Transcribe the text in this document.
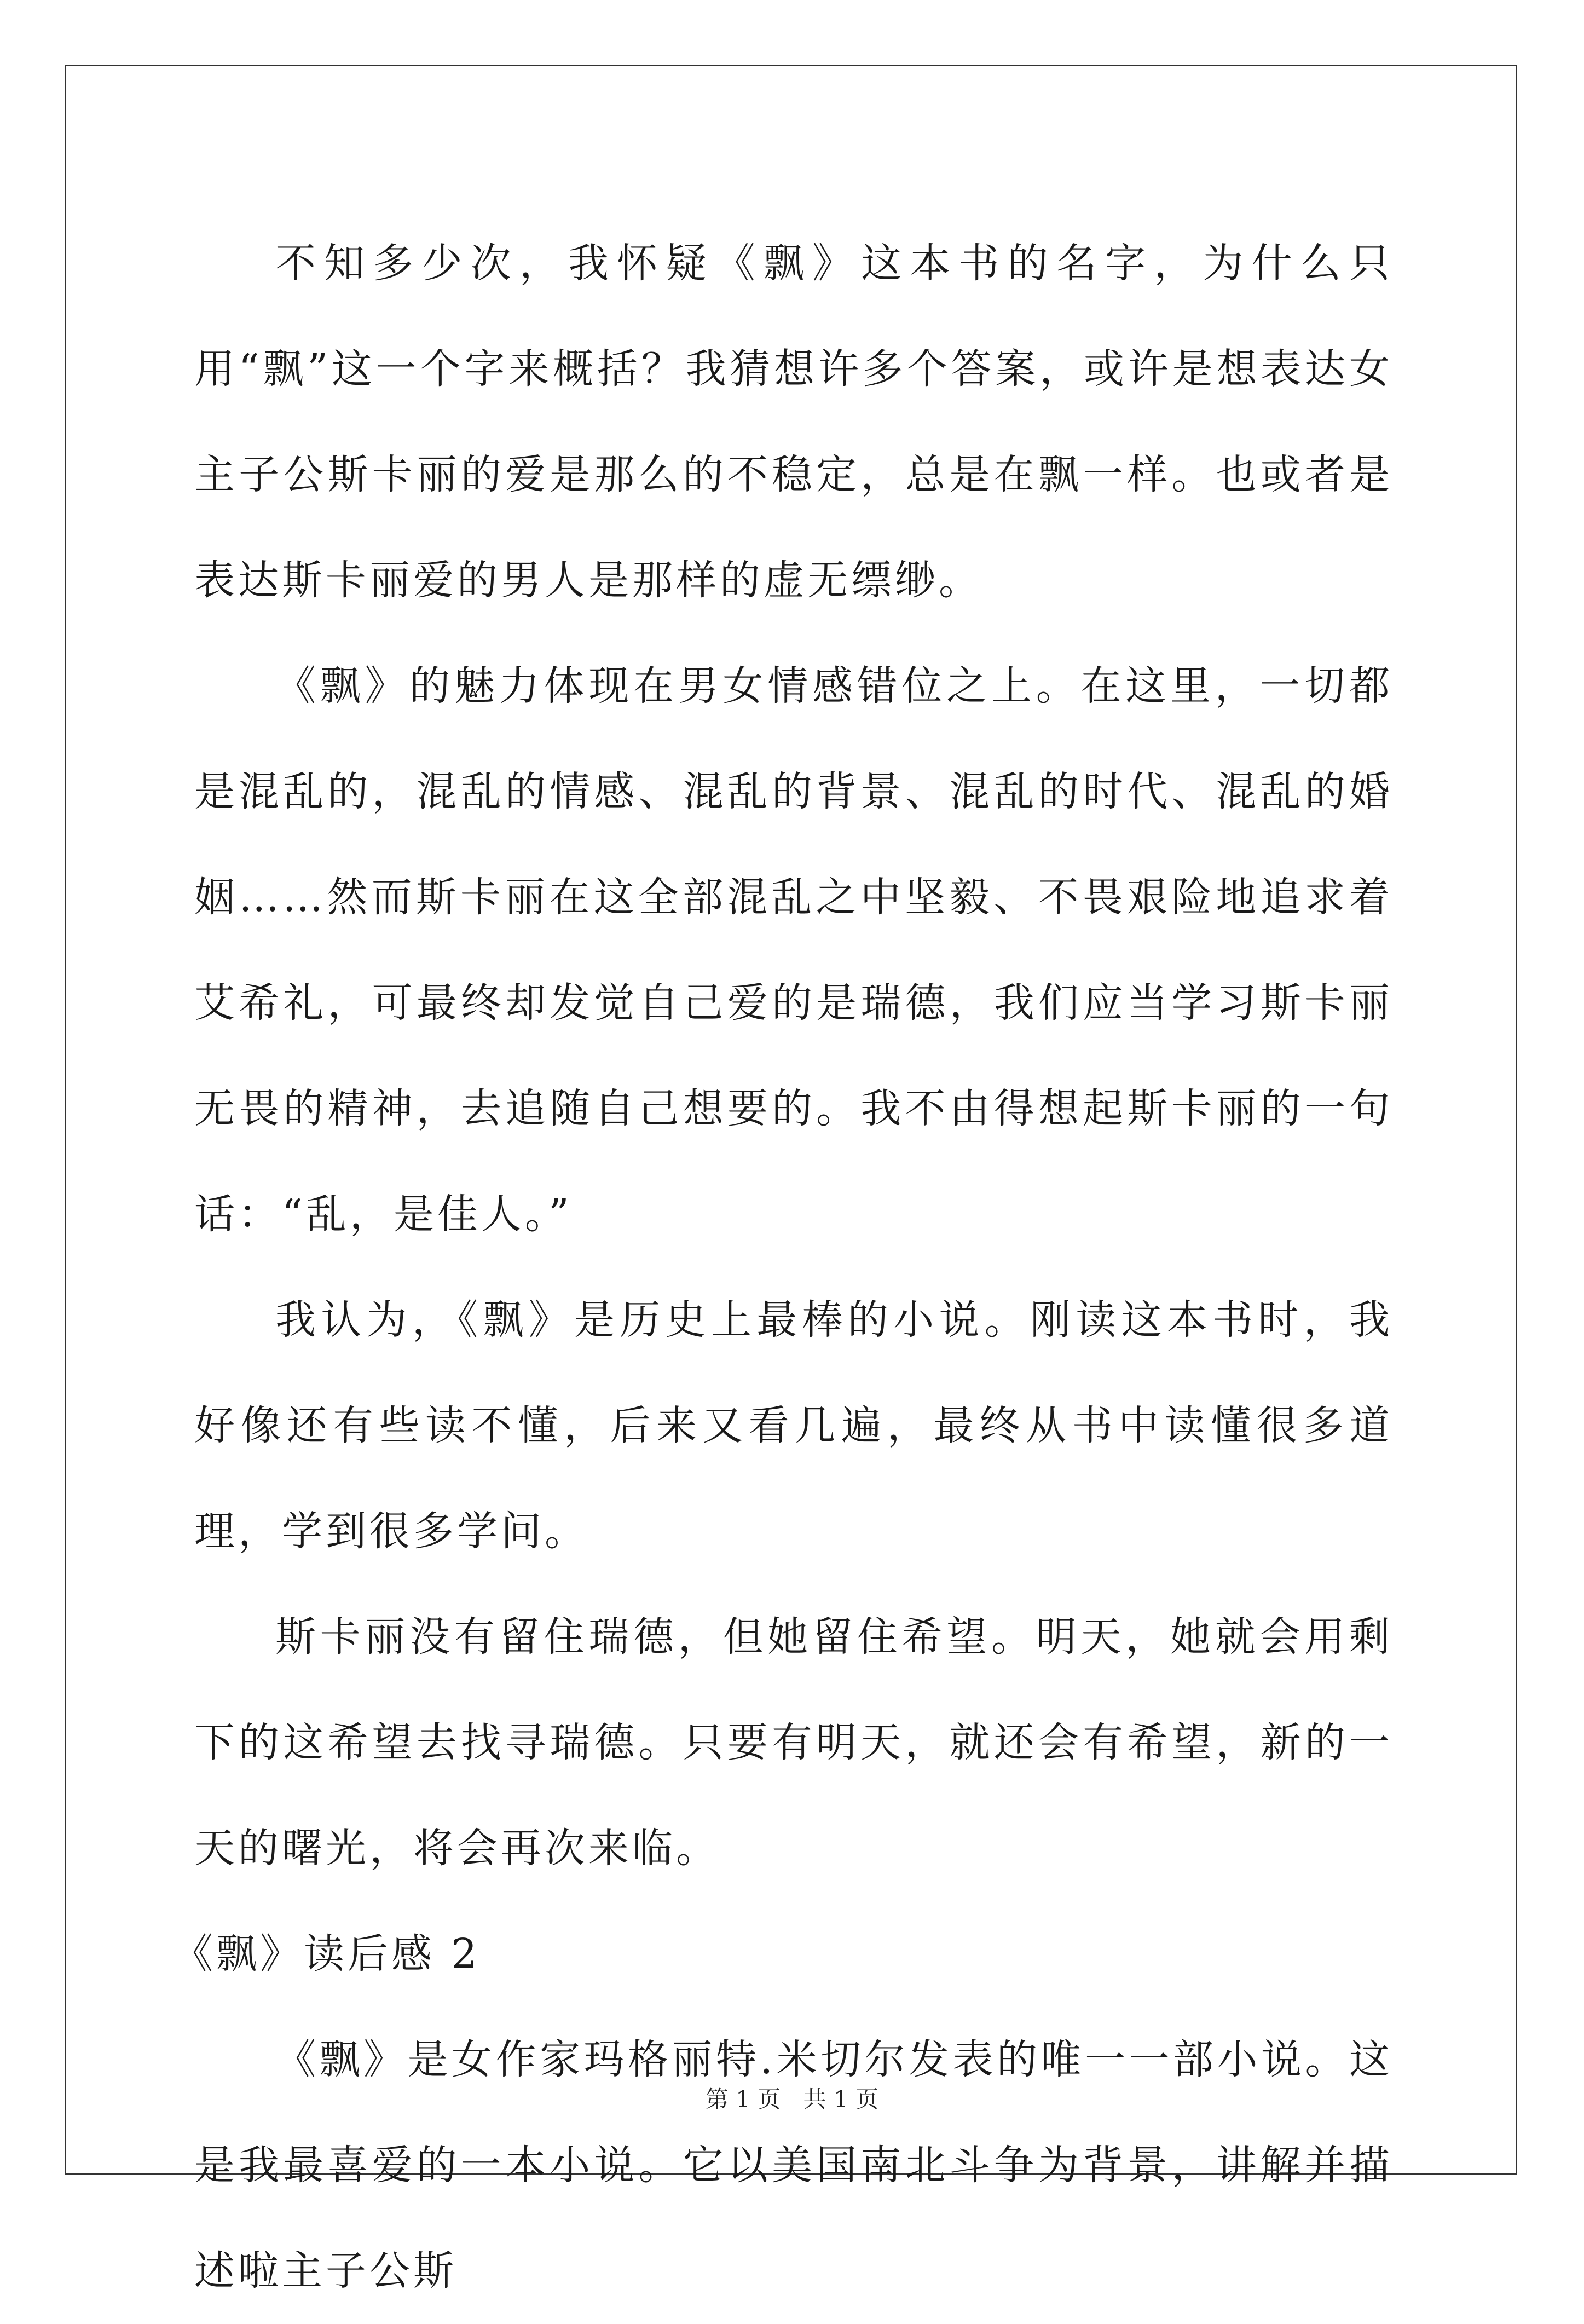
不知多少次，我怀疑《飘》这本书的名字，为什么只用“飘”这一个字来概括？我猜想许多个答案，或许是想表达女主子公斯卡丽的爱是那么的不稳定，总是在飘一样。也或者是表达斯卡丽爱的男人是那样的虚无缥缈。

《飘》的魅力体现在男女情感错位之上。在这里，一切都是混乱的，混乱的情感、混乱的背景、混乱的时代、混乱的婚姻……然而斯卡丽在这全部混乱之中坚毅、不畏艰险地追求着艾希礼，可最终却发觉自己爱的是瑞德，我们应当学习斯卡丽无畏的精神，去追随自己想要的。我不由得想起斯卡丽的一句话：“乱，是佳人。”

我认为，《飘》是历史上最棒的小说。刚读这本书时，我好像还有些读不懂，后来又看几遍，最终从书中读懂很多道理，学到很多学问。

斯卡丽没有留住瑞德，但她留住希望。明天，她就会用剩下的这希望去找寻瑞德。只要有明天，就还会有希望，新的一天的曙光，将会再次来临。

《飘》读后感 2

《飘》是女作家玛格丽特.米切尔发表的唯一一部小说。这是我最喜爱的一本小说。它以美国南北斗争为背景，讲解并描述啦主子公斯

第 1 页 共 1 页
